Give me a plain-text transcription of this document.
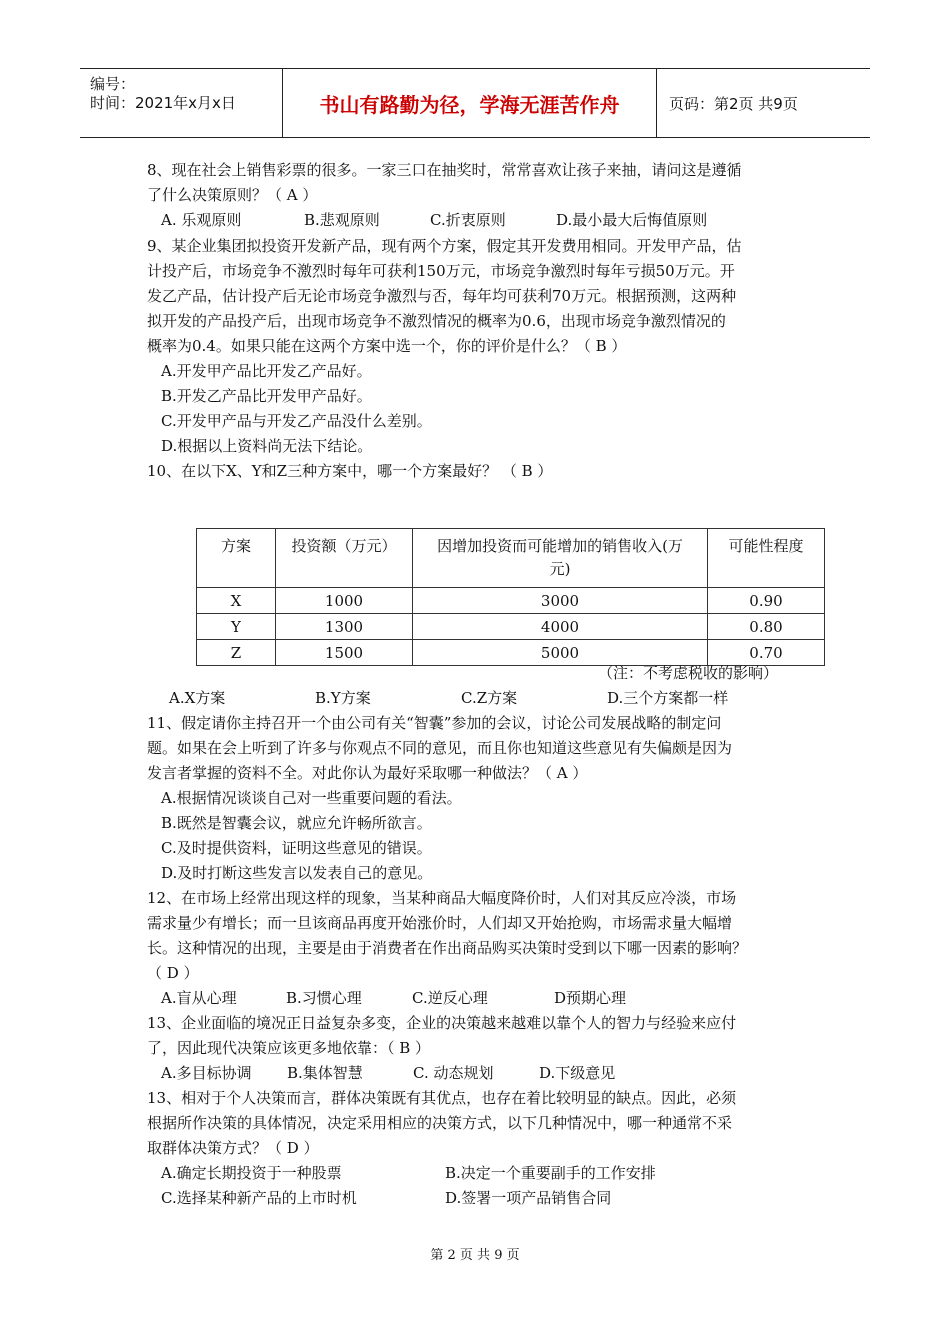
编号：
时间：2021年x月x日	书山有路勤为径，学海无涯苦作舟	页码：第2页 共9页
8、现在社会上销售彩票的很多。一家三口在抽奖时，常常喜欢让孩子来抽，请问这是遵循
了什么决策原则？（ A ）
A. 乐观原则	B.悲观原则	C.折衷原则	D.最小最大后悔值原则
9、某企业集团拟投资开发新产品，现有两个方案，假定其开发费用相同。开发甲产品，估
计投产后，市场竞争不激烈时每年可获利150万元，市场竞争激烈时每年亏损50万元。开
发乙产品，估计投产后无论市场竞争激烈与否，每年均可获利70万元。根据预测，这两种
拟开发的产品投产后，出现市场竞争不激烈情况的概率为0.6，出现市场竞争激烈情况的
概率为0.4。如果只能在这两个方案中选一个，你的评价是什么？（ B ）
A.开发甲产品比开发乙产品好。
B.开发乙产品比开发甲产品好。
C.开发甲产品与开发乙产品没什么差别。
D.根据以上资料尚无法下结论。
10、在以下X、Y和Z三种方案中，哪一个方案最好？ （ B ）
方案	投资额（万元）	因增加投资而可能增加的销售收入(万
元)	可能性程度
X	1000	3000	0.90
Y	1300	4000	0.80
Z	1500	5000	0.70
（注：不考虑税收的影响）
A.X方案	B.Y方案	C.Z方案	D.三个方案都一样
11、假定请你主持召开一个由公司有关“智囊”参加的会议，讨论公司发展战略的制定问
题。如果在会上听到了许多与你观点不同的意见，而且你也知道这些意见有失偏颇是因为
发言者掌握的资料不全。对此你认为最好采取哪一种做法？（ A ）
A.根据情况谈谈自己对一些重要问题的看法。
B.既然是智囊会议，就应允许畅所欲言。
C.及时提供资料，证明这些意见的错误。
D.及时打断这些发言以发表自己的意见。
12、在市场上经常出现这样的现象，当某种商品大幅度降价时，人们对其反应冷淡，市场
需求量少有增长；而一旦该商品再度开始涨价时，人们却又开始抢购，市场需求量大幅增
长。这种情况的出现，主要是由于消费者在作出商品购买决策时受到以下哪一因素的影响？
（ D ）
A.盲从心理	B.习惯心理	C.逆反心理	D预期心理
13、企业面临的境况正日益复杂多变，企业的决策越来越难以靠个人的智力与经验来应付
了，因此现代决策应该更多地依靠：（ B ）
A.多目标协调 B.集体智慧	C. 动态规划	D.下级意见
13、相对于个人决策而言，群体决策既有其优点，也存在着比较明显的缺点。因此，必须
根据所作决策的具体情况，决定采用相应的决策方式，以下几种情况中，哪一种通常不采
取群体决策方式？（ D ）
A.确定长期投资于一种股票	B.决定一个重要副手的工作安排
C.选择某种新产品的上市时机	D.签署一项产品销售合同
第 2 页 共 9 页
